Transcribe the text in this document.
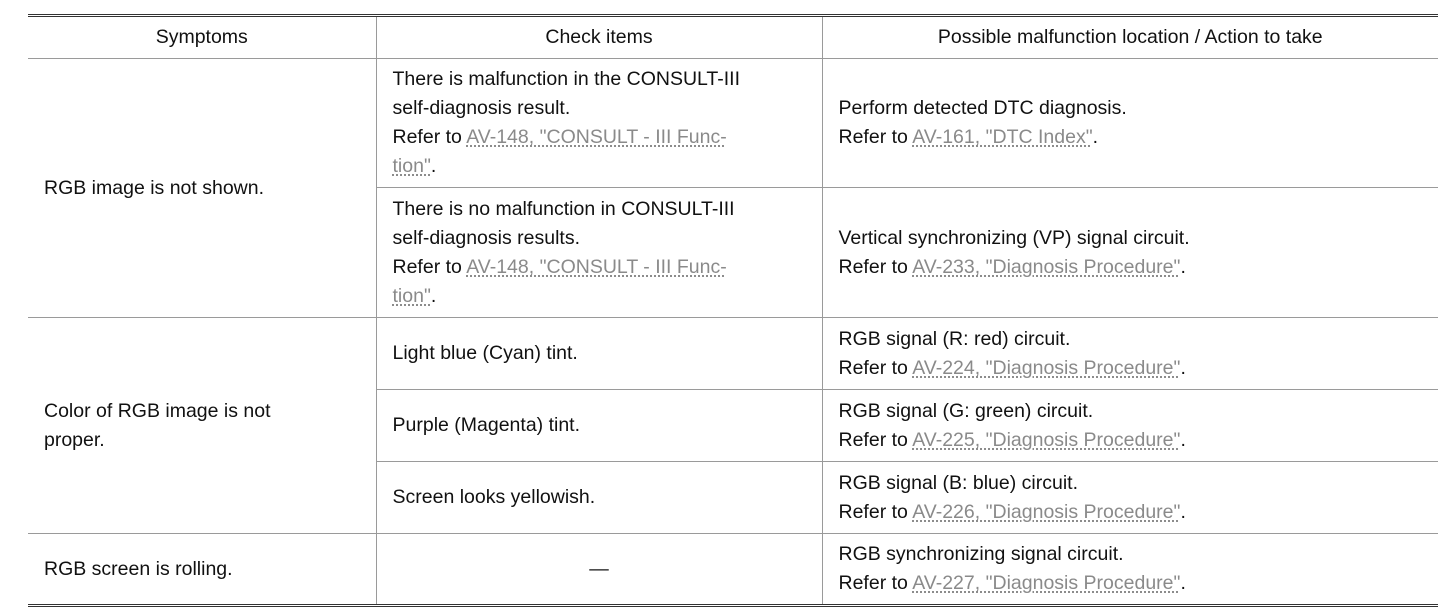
Symptoms	Check items	Possible malfunction location / Action to take
RGB image is not shown.	There is malfunction in the CONSULT-III
self-diagnosis result.
Refer to AV-148, "CONSULT - III Func-
tion".	Perform detected DTC diagnosis.
Refer to AV-161, "DTC Index".

	There is no malfunction in CONSULT-III
self-diagnosis results.
Refer to AV-148, "CONSULT - III Func-
tion".	Vertical synchronizing (VP) signal circuit.
Refer to AV-233, "Diagnosis Procedure".

Color of RGB image is not
proper.	Light blue (Cyan) tint.	RGB signal (R: red) circuit.
Refer to AV-224, "Diagnosis Procedure".

	Purple (Magenta) tint.	RGB signal (G: green) circuit.
Refer to AV-225, "Diagnosis Procedure".

	Screen looks yellowish.	RGB signal (B: blue) circuit.
Refer to AV-226, "Diagnosis Procedure".

RGB screen is rolling.	—	RGB synchronizing signal circuit.
Refer to AV-227, "Diagnosis Procedure".
